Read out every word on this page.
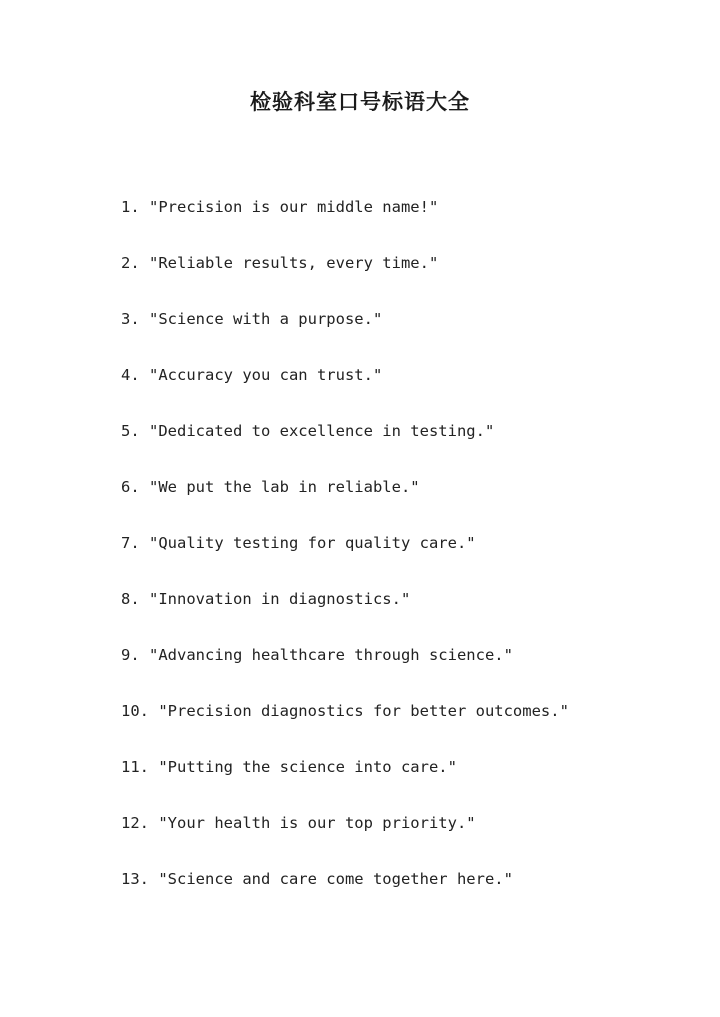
检验科室口号标语大全
1. "Precision is our middle name!"
2. "Reliable results, every time."
3. "Science with a purpose."
4. "Accuracy you can trust."
5. "Dedicated to excellence in testing."
6. "We put the lab in reliable."
7. "Quality testing for quality care."
8. "Innovation in diagnostics."
9. "Advancing healthcare through science."
10. "Precision diagnostics for better outcomes."
11. "Putting the science into care."
12. "Your health is our top priority."
13. "Science and care come together here."
